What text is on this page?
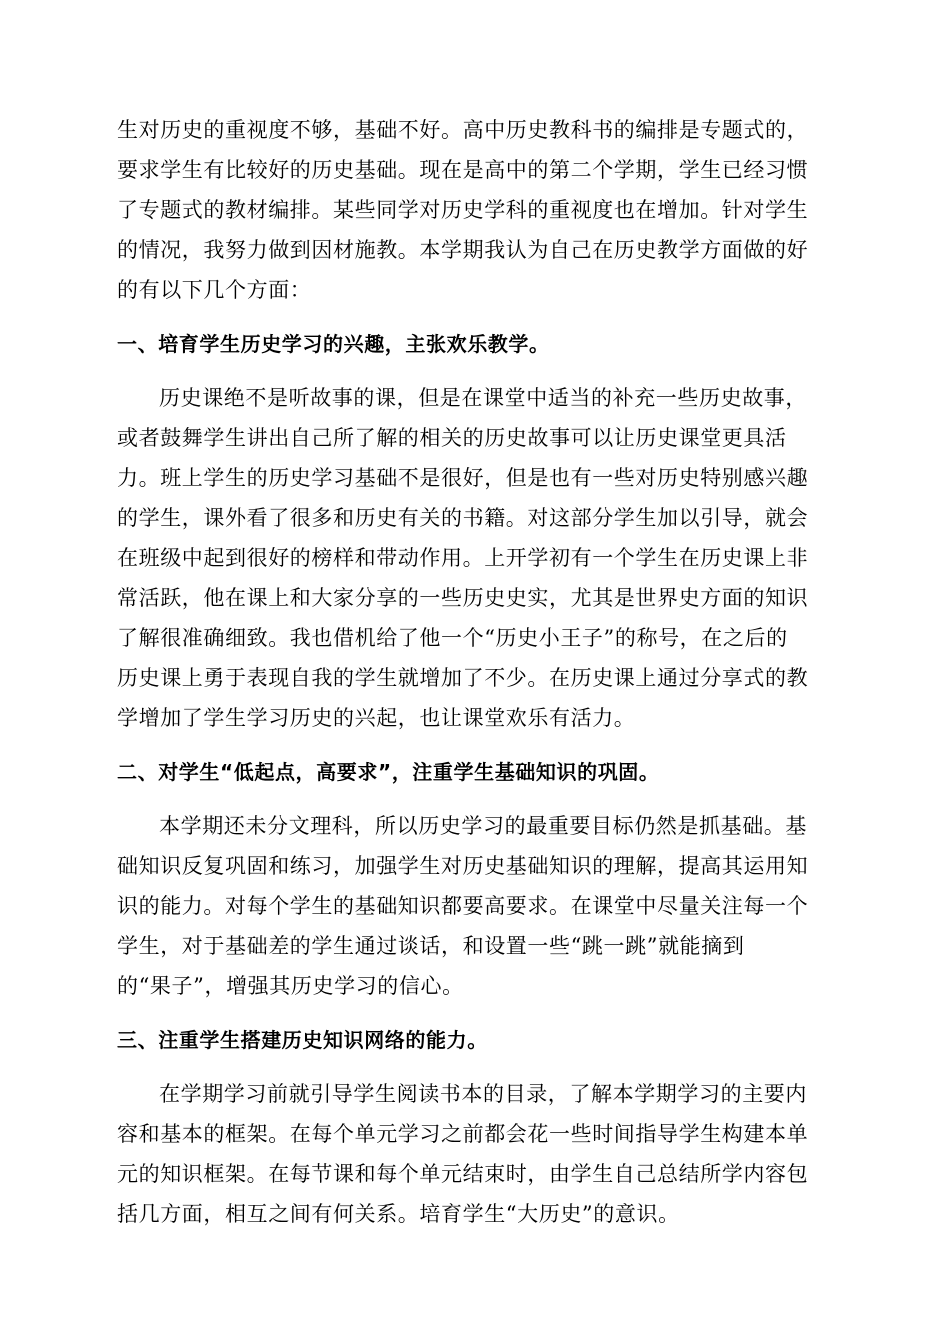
生对历史的重视度不够，基础不好。高中历史教科书的编排是专题式的，
要求学生有比较好的历史基础。现在是高中的第二个学期，学生已经习惯
了专题式的教材编排。某些同学对历史学科的重视度也在增加。针对学生
的情况，我努力做到因材施教。本学期我认为自己在历史教学方面做的好
的有以下几个方面：
一、培育学生历史学习的兴趣，主张欢乐教学。
历史课绝不是听故事的课，但是在课堂中适当的补充一些历史故事，
或者鼓舞学生讲出自己所了解的相关的历史故事可以让历史课堂更具活
力。班上学生的历史学习基础不是很好，但是也有一些对历史特别感兴趣
的学生，课外看了很多和历史有关的书籍。对这部分学生加以引导，就会
在班级中起到很好的榜样和带动作用。上开学初有一个学生在历史课上非
常活跃，他在课上和大家分享的一些历史史实，尤其是世界史方面的知识
了解很准确细致。我也借机给了他一个“历史小王子”的称号，在之后的
历史课上勇于表现自我的学生就增加了不少。在历史课上通过分享式的教
学增加了学生学习历史的兴起，也让课堂欢乐有活力。
二、对学生“低起点，高要求”，注重学生基础知识的巩固。
本学期还未分文理科，所以历史学习的最重要目标仍然是抓基础。基
础知识反复巩固和练习，加强学生对历史基础知识的理解，提高其运用知
识的能力。对每个学生的基础知识都要高要求。在课堂中尽量关注每一个
学生，对于基础差的学生通过谈话，和设置一些“跳一跳”就能摘到
的“果子”，增强其历史学习的信心。
三、注重学生搭建历史知识网络的能力。
在学期学习前就引导学生阅读书本的目录，了解本学期学习的主要内
容和基本的框架。在每个单元学习之前都会花一些时间指导学生构建本单
元的知识框架。在每节课和每个单元结束时，由学生自己总结所学内容包
括几方面，相互之间有何关系。培育学生“大历史”的意识。
